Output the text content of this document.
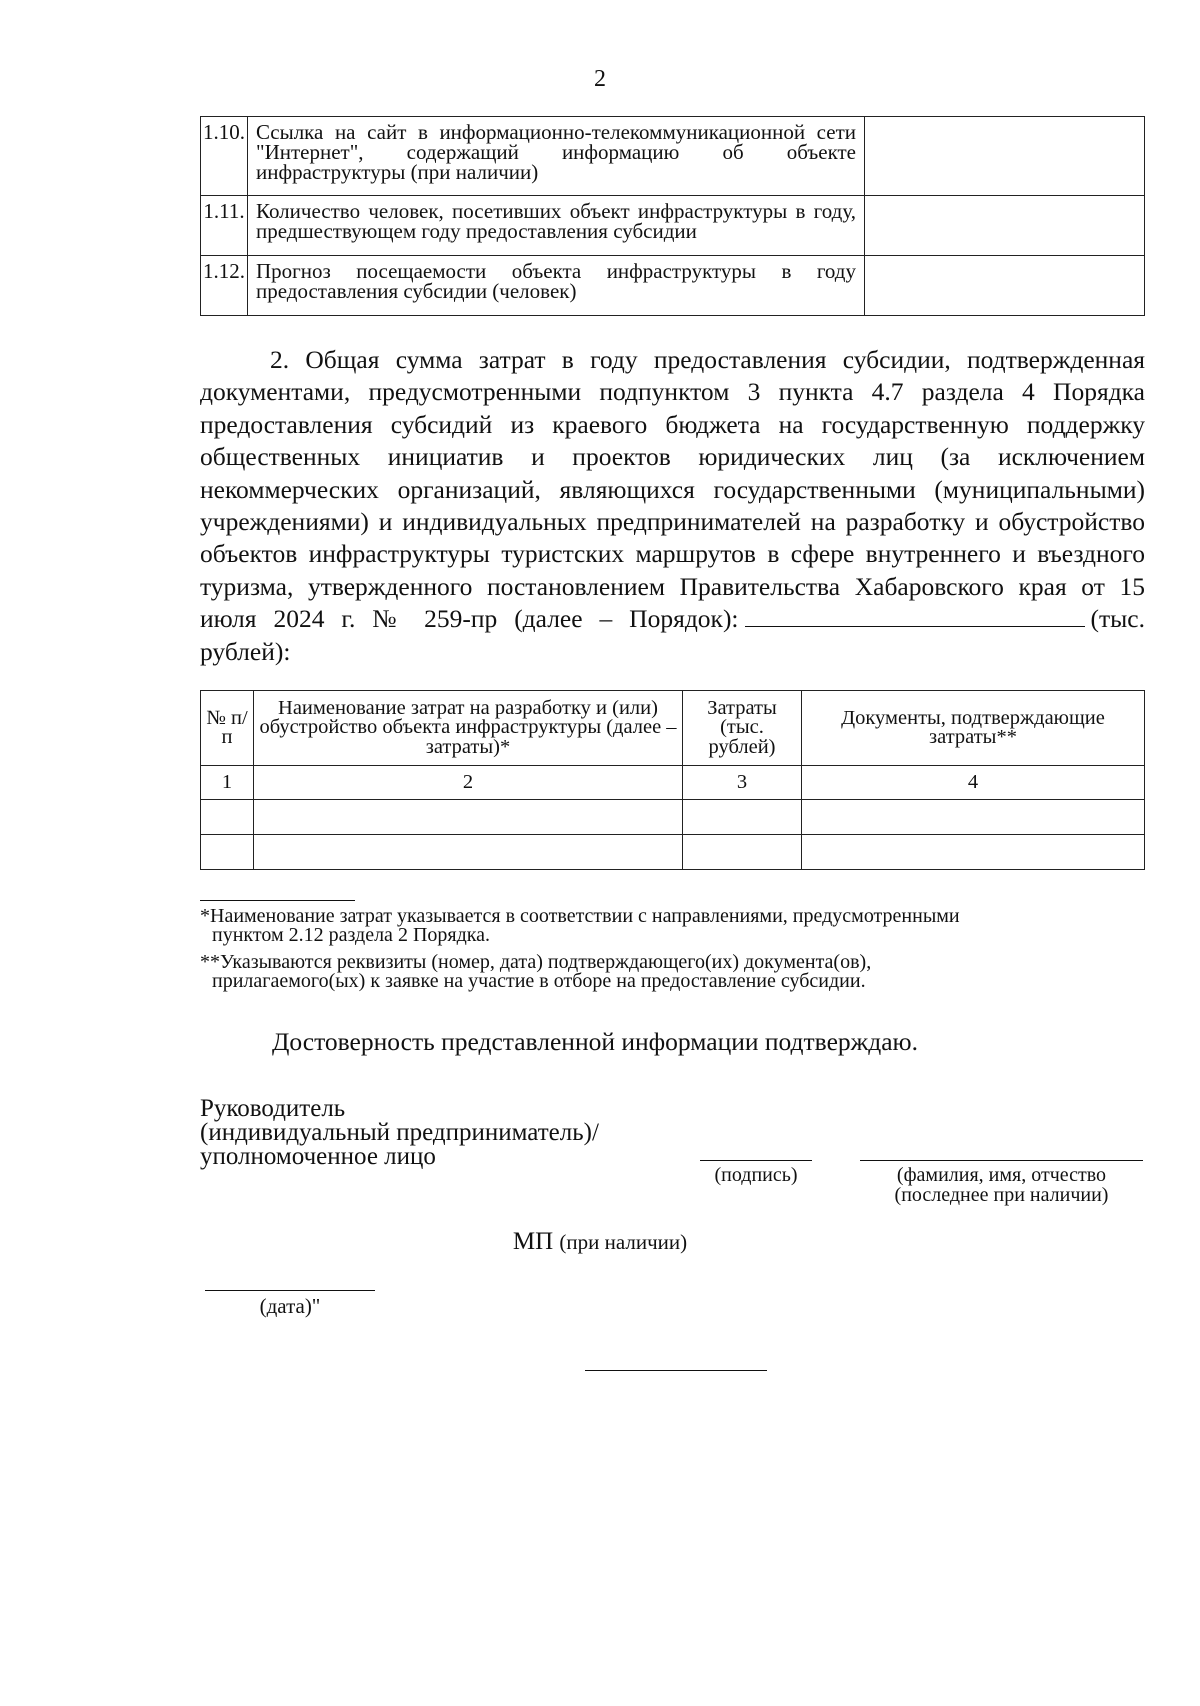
2
1.10.	Ссылка на сайт в информационно-телекоммуникационной сети "Интернет", содержащий информацию об объекте инфраструктуры (при наличии)	
1.11.	Количество человек, посетивших объект инфраструктуры в году, предшествующем году предоставления субсидии	
1.12.	Прогноз посещаемости объекта инфраструктуры в году предоставления субсидии (человек)	

2. Общая сумма затрат в году предоставления субсидии, подтвержденная документами, предусмотренными подпунктом 3 пункта 4.7 раздела 4 Порядка предоставления субсидий из краевого бюджета на государственную поддержку общественных инициатив и проектов юридических лиц (за исключением некоммерческих организаций, являющихся государственными (муниципальными) учреждениями) и индивидуальных предпринимателей на разработку и обустройство объектов инфраструктуры туристских маршрутов в сфере внутреннего и въездного туризма, утвержденного постановлением Правительства Хабаровского края от 15 июля 2024 г. № 259-пр (далее – Порядок):	(тыс. рублей):

№ п/п	Наименование затрат на разработку и (или) обустройство объекта инфраструктуры (далее – затраты)*	Затраты (тыс. рублей)	Документы, подтверждающие затраты**
1	2	3	4

*Наименование затрат указывается в соответствии с направлениями, предусмотренными
пунктом 2.12 раздела 2 Порядка.
**Указываются реквизиты (номер, дата) подтверждающего(их) документа(ов),
прилагаемого(ых) к заявке на участие в отборе на предоставление субсидии.
Достоверность представленной информации подтверждаю.
Руководитель
(индивидуальный предприниматель)/
уполномоченное лицо
(подпись)	(фамилия, имя, отчество
(последнее при наличии)
МП (при наличии)
(дата)"
